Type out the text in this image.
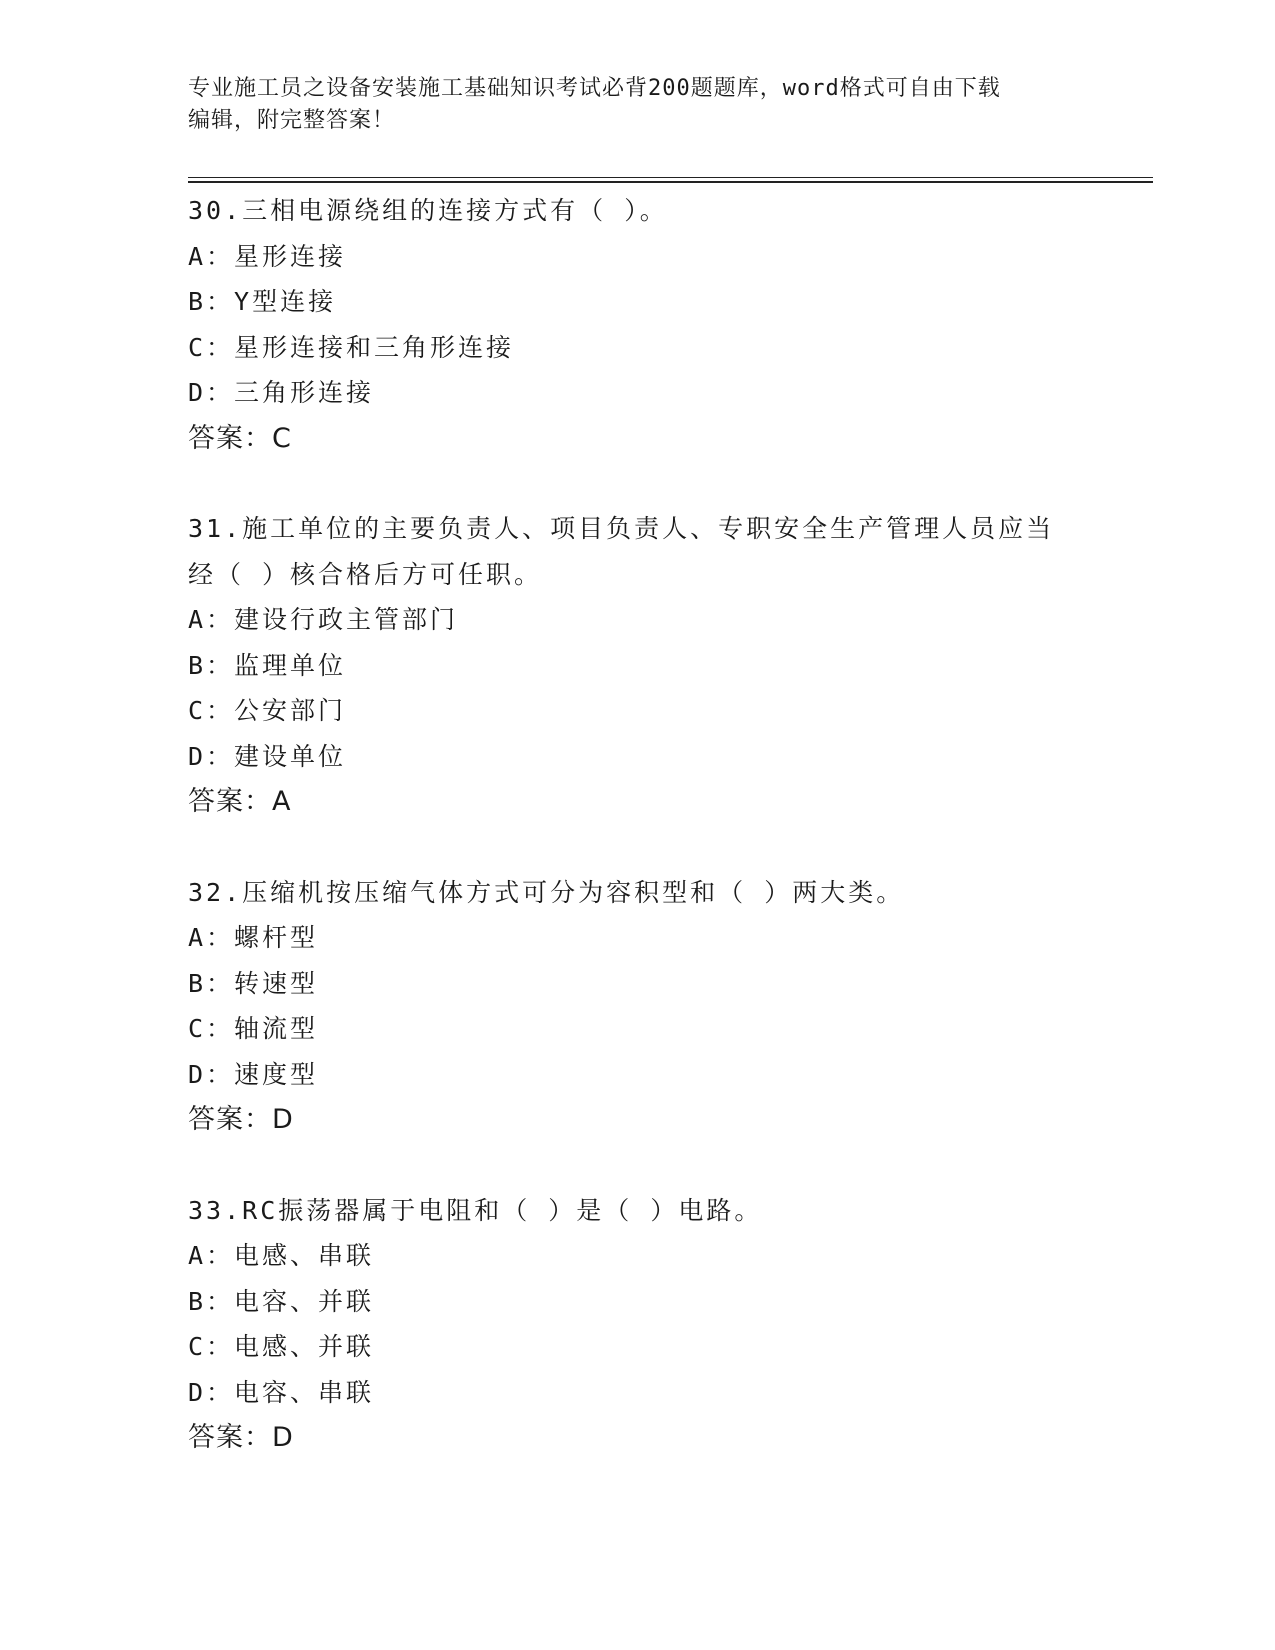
专业施工员之设备安装施工基础知识考试必背200题题库，word格式可自由下载
编辑，附完整答案！
30.三相电源绕组的连接方式有（ ）。
A：星形连接
B：Y型连接
C：星形连接和三角形连接
D：三角形连接
答案：C
31.施工单位的主要负责人、项目负责人、专职安全生产管理人员应当
经（ ）核合格后方可任职。
A：建设行政主管部门
B：监理单位
C：公安部门
D：建设单位
答案：A
32.压缩机按压缩气体方式可分为容积型和（ ）两大类。
A：螺杆型
B：转速型
C：轴流型
D：速度型
答案：D
33.RC振荡器属于电阻和（ ）是（ ）电路。
A：电感、串联
B：电容、并联
C：电感、并联
D：电容、串联
答案：D
